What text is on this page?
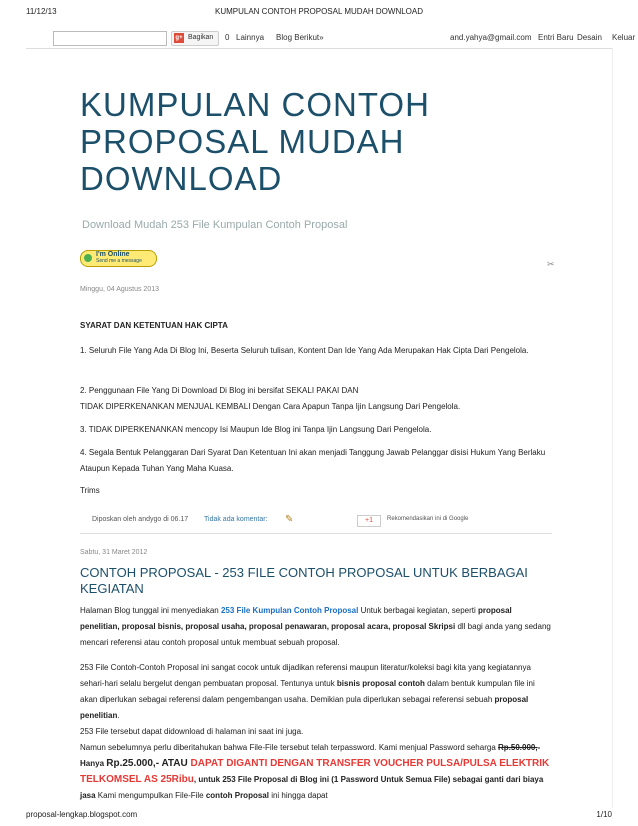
11/12/13	KUMPULAN CONTOH PROPOSAL MUDAH DOWNLOAD
g+ Bagikan 0 Lainnya Blog Berikut»	and.yahya@gmail.com Entri Baru Desain Keluar
KUMPULAN CONTOH
PROPOSAL MUDAH
DOWNLOAD
Download Mudah 253 File Kumpulan Contoh Proposal
I'm Online
Send me a message	✂
Minggu, 04 Agustus 2013
SYARAT DAN KETENTUAN HAK CIPTA
1. Seluruh File Yang Ada Di Blog Ini, Beserta Seluruh tulisan, Kontent Dan Ide Yang Ada Merupakan Hak Cipta Dari Pengelola.
2. Penggunaan File Yang Di Download Di Blog ini bersifat SEKALI PAKAI DAN
TIDAK DIPERKENANKAN MENJUAL KEMBALI Dengan Cara Apapun Tanpa Ijin Langsung Dari Pengelola.
3. TIDAK DIPERKENANKAN mencopy Isi Maupun Ide Blog ini Tanpa Ijin Langsung Dari Pengelola.
4. Segala Bentuk Pelanggaran Dari Syarat Dan Ketentuan Ini akan menjadi Tanggung Jawab Pelanggar disisi Hukum Yang Berlaku Ataupun Kepada Tuhan Yang Maha Kuasa.
Trims
Diposkan oleh andygo di 06.17 Tidak ada komentar: ✎	+1	Rekomendasikan ini di Google
Sabtu, 31 Maret 2012
CONTOH PROPOSAL - 253 FILE CONTOH PROPOSAL UNTUK BERBAGAI KEGIATAN
Halaman Blog tunggal ini menyediakan 253 File Kumpulan Contoh Proposal Untuk berbagai kegiatan, seperti proposal penelitian, proposal bisnis, proposal usaha, proposal penawaran, proposal acara, proposal Skripsi dll bagi anda yang sedang mencari referensi atau contoh proposal untuk membuat sebuah proposal.
253 File Contoh-Contoh Proposal ini sangat cocok untuk dijadikan referensi maupun literatur/koleksi bagi kita yang kegiatannya sehari-hari selalu bergelut dengan pembuatan proposal. Tentunya untuk bisnis proposal contoh dalam bentuk kumpulan file ini akan diperlukan sebagai referensi dalam pengembangan usaha. Demikian pula diperlukan sebagai referensi sebuah proposal penelitian.
253 File tersebut dapat didownload di halaman ini saat ini juga.
Namun sebelumnya perlu diberitahukan bahwa File-File tersebut telah terpassword. Kami menjual Password seharga Rp.50.000,- Hanya Rp.25.000,- ATAU DAPAT DIGANTI DENGAN TRANSFER VOUCHER PULSA/PULSA ELEKTRIK TELKOMSEL AS 25Ribu, untuk 253 File Proposal di Blog ini (1 Password Untuk Semua File) sebagai ganti dari biaya jasa Kami mengumpulkan File-File contoh Proposal ini hingga dapat
proposal-lengkap.blogspot.com	1/10
